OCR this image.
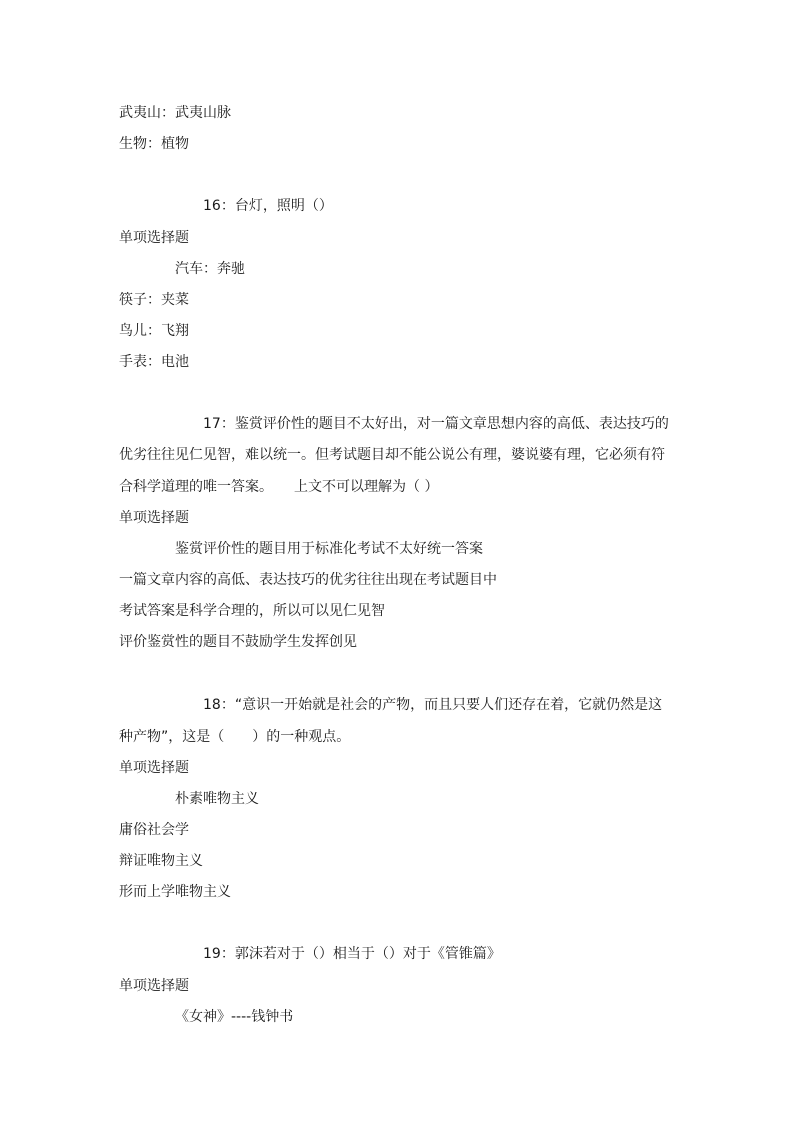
武夷山：武夷山脉
生物：植物
16：台灯，照明（）
单项选择题
汽车：奔驰
筷子：夹菜
鸟儿：飞翔
手表：电池
17：鉴赏评价性的题目不太好出，对一篇文章思想内容的高低、表达技巧的
优劣往往见仁见智，难以统一。但考试题目却不能公说公有理，婆说婆有理，它必须有符
合科学道理的唯一答案。　　上文不可以理解为（ ）
单项选择题
鉴赏评价性的题目用于标准化考试不太好统一答案
一篇文章内容的高低、表达技巧的优劣往往出现在考试题目中
考试答案是科学合理的，所以可以见仁见智
评价鉴赏性的题目不鼓励学生发挥创见
18：“意识一开始就是社会的产物，而且只要人们还存在着，它就仍然是这
种产物”，这是（　　）的一种观点。
单项选择题
朴素唯物主义
庸俗社会学
辩证唯物主义
形而上学唯物主义
19：郭沫若对于（）相当于（）对于《管锥篇》
单项选择题
《女神》----钱钟书
